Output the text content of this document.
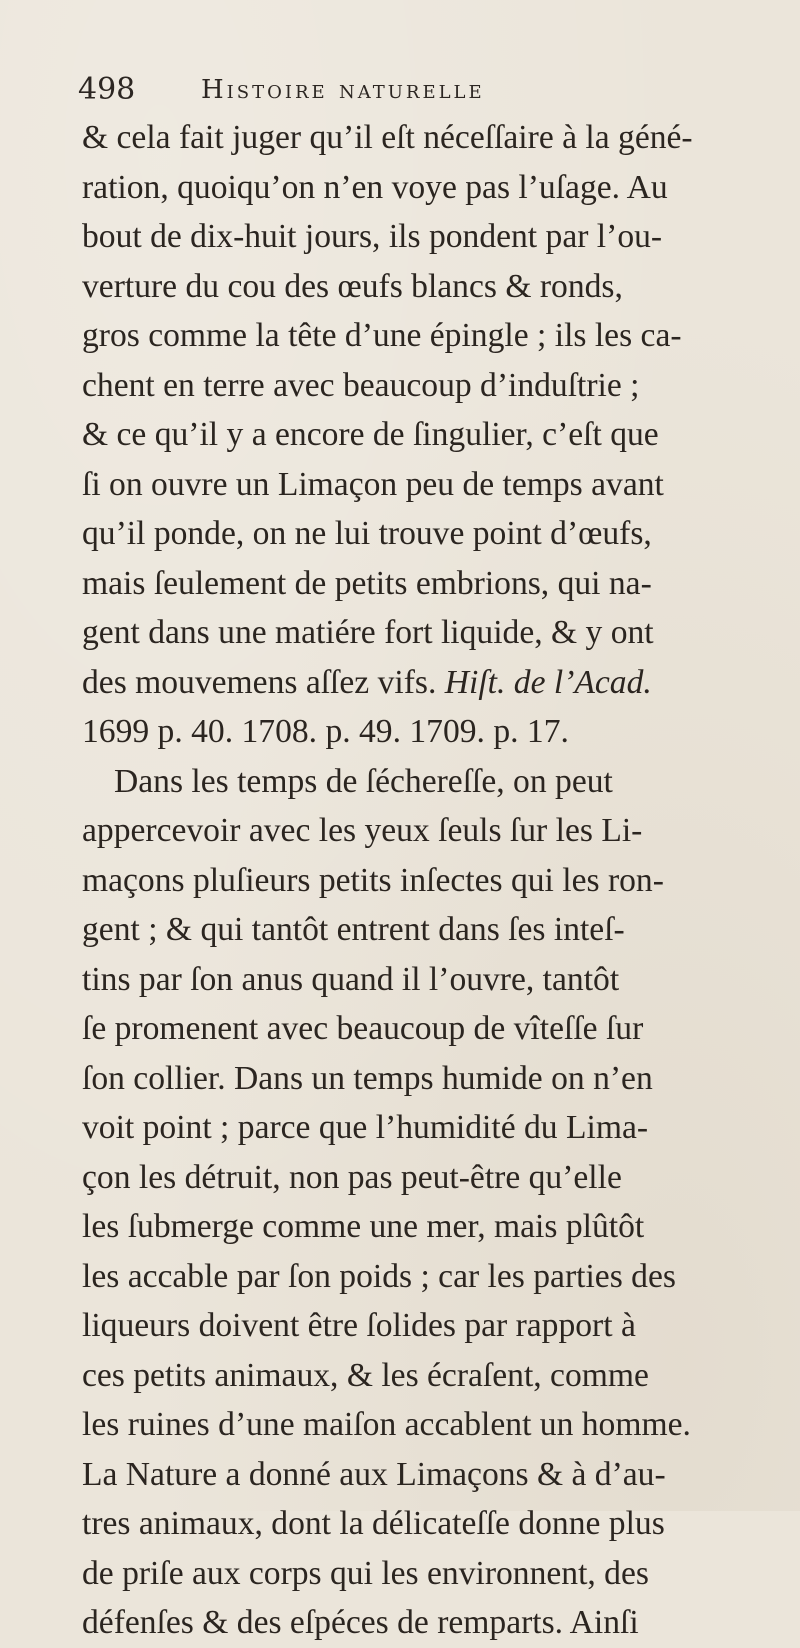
498	Histoire naturelle
& cela fait juger qu’il eſt néceſſaire à la géné-
ration, quoiqu’on n’en voye pas l’uſage. Au
bout de dix-huit jours, ils pondent par l’ou-
verture du cou des œufs blancs & ronds,
gros comme la tête d’une épingle ; ils les ca-
chent en terre avec beaucoup d’induſtrie ;
& ce qu’il y a encore de ſingulier, c’eſt que
ſi on ouvre un Limaçon peu de temps avant
qu’il ponde, on ne lui trouve point d’œufs,
mais ſeulement de petits embrions, qui na-
gent dans une matiére fort liquide, & y ont
des mouvemens aſſez vifs. Hiſt. de l’Acad.
1699 p. 40. 1708. p. 49. 1709. p. 17.
Dans les temps de ſéchereſſe, on peut
appercevoir avec les yeux ſeuls ſur les Li-
maçons pluſieurs petits inſectes qui les ron-
gent ; & qui tantôt entrent dans ſes inteſ-
tins par ſon anus quand il l’ouvre, tantôt
ſe promenent avec beaucoup de vîteſſe ſur
ſon collier. Dans un temps humide on n’en
voit point ; parce que l’humidité du Lima-
çon les détruit, non pas peut-être qu’elle
les ſubmerge comme une mer, mais plûtôt
les accable par ſon poids ; car les parties des
liqueurs doivent être ſolides par rapport à
ces petits animaux, & les écraſent, comme
les ruines d’une maiſon accablent un homme.
La Nature a donné aux Limaçons & à d’au-
tres animaux, dont la délicateſſe donne plus
de priſe aux corps qui les environnent, des
défenſes & des eſpéces de remparts. Ainſi
